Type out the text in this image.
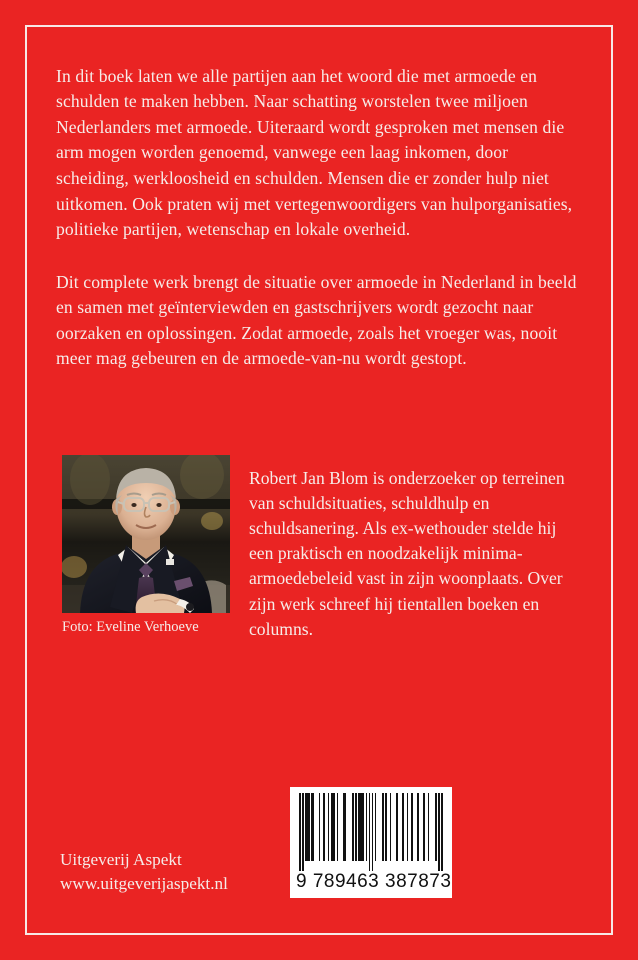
In dit boek laten we alle partijen aan het woord die met armoede en schulden te maken hebben. Naar schatting worstelen twee miljoen Nederlanders met armoede. Uiteraard wordt gesproken met mensen die arm mogen worden genoemd, vanwege een laag inkomen, door scheiding, werkloosheid en schulden. Mensen die er zonder hulp niet uitkomen. Ook praten wij met vertegenwoordigers van hulporganisaties, politieke partijen, wetenschap en lokale overheid.

Dit complete werk brengt de situatie over armoede in Nederland in beeld en samen met geïnterviewden en gastschrijvers wordt gezocht naar oorzaken en oplossingen. Zodat armoede, zoals het vroeger was, nooit meer mag gebeuren en de armoede-van-nu wordt gestopt.

Robert Jan Blom is onderzoeker op terreinen van schuldsituaties, schuldhulp en schuldsanering. Als ex-wethouder stelde hij een praktisch en noodzakelijk minima-armoedebeleid vast in zijn woonplaats. Over zijn werk schreef hij tientallen boeken en columns.

Foto: Eveline Verhoeve
Uitgeverij Aspekt
www.uitgeverijaspekt.nl	9 789463 387873
